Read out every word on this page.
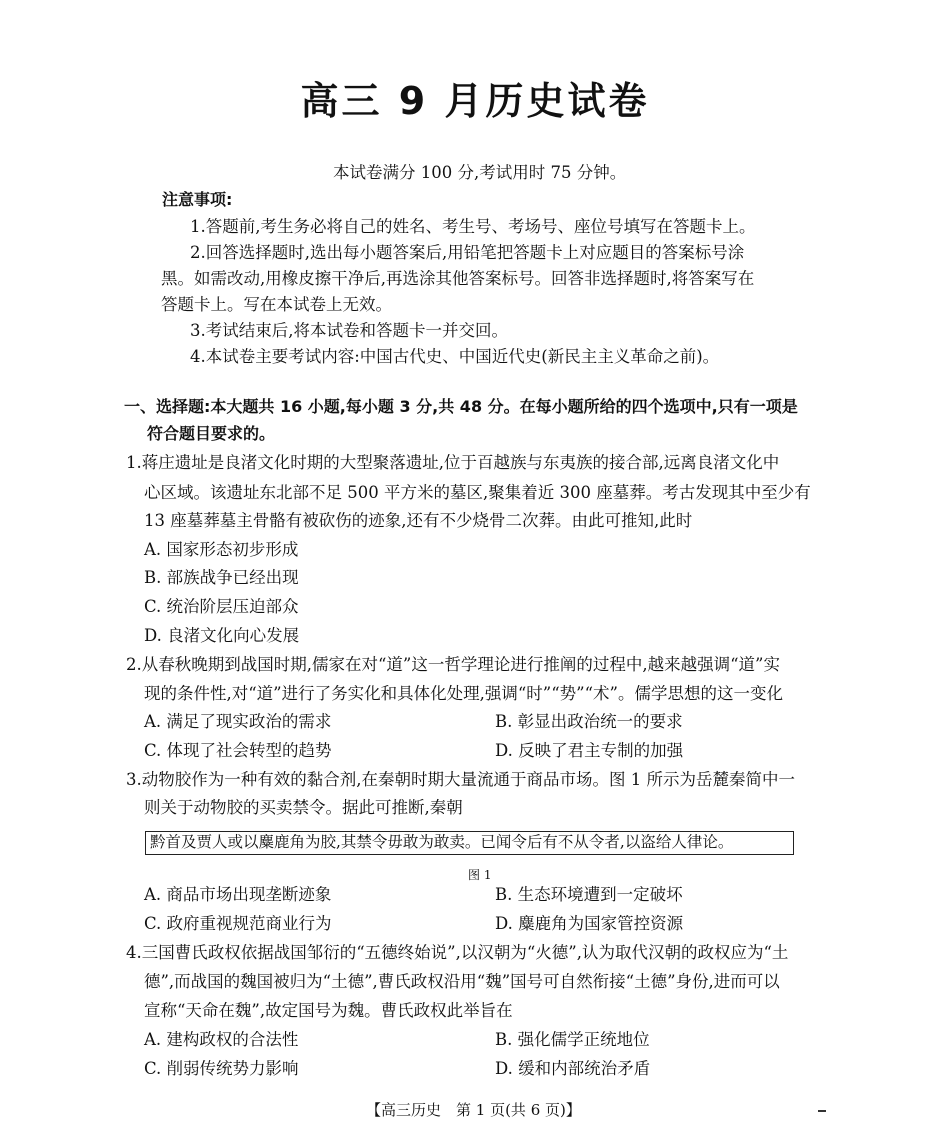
高三 9 月历史试卷
本试卷满分 100 分,考试用时 75 分钟。
注意事项:
1.答题前,考生务必将自己的姓名、考生号、考场号、座位号填写在答题卡上。
2.回答选择题时,选出每小题答案后,用铅笔把答题卡上对应题目的答案标号涂
黑。如需改动,用橡皮擦干净后,再选涂其他答案标号。回答非选择题时,将答案写在
答题卡上。写在本试卷上无效。
3.考试结束后,将本试卷和答题卡一并交回。
4.本试卷主要考试内容:中国古代史、中国近代史(新民主主义革命之前)。
一、选择题:本大题共 16 小题,每小题 3 分,共 48 分。在每小题所给的四个选项中,只有一项是
符合题目要求的。
1.蒋庄遗址是良渚文化时期的大型聚落遗址,位于百越族与东夷族的接合部,远离良渚文化中
心区域。该遗址东北部不足 500 平方米的墓区,聚集着近 300 座墓葬。考古发现其中至少有
13 座墓葬墓主骨骼有被砍伤的迹象,还有不少烧骨二次葬。由此可推知,此时
A. 国家形态初步形成
B. 部族战争已经出现
C. 统治阶层压迫部众
D. 良渚文化向心发展
2.从春秋晚期到战国时期,儒家在对“道”这一哲学理论进行推阐的过程中,越来越强调“道”实
现的条件性,对“道”进行了务实化和具体化处理,强调“时”“势”“术”。儒学思想的这一变化
A. 满足了现实政治的需求	B. 彰显出政治统一的要求
C. 体现了社会转型的趋势	D. 反映了君主专制的加强
3.动物胶作为一种有效的黏合剂,在秦朝时期大量流通于商品市场。图 1 所示为岳麓秦简中一
则关于动物胶的买卖禁令。据此可推断,秦朝
黔首及贾人或以麋鹿角为胶,其禁令毋敢为敢卖。已闻令后有不从令者,以盗给人律论。
图 1
A. 商品市场出现垄断迹象	B. 生态环境遭到一定破坏
C. 政府重视规范商业行为	D. 麋鹿角为国家管控资源
4.三国曹氏政权依据战国邹衍的“五德终始说”,以汉朝为“火德”,认为取代汉朝的政权应为“土
德”,而战国的魏国被归为“土德”,曹氏政权沿用“魏”国号可自然衔接“土德”身份,进而可以
宣称“天命在魏”,故定国号为魏。曹氏政权此举旨在
A. 建构政权的合法性	B. 强化儒学正统地位
C. 削弱传统势力影响	D. 缓和内部统治矛盾
【高三历史　第 1 页(共 6 页)】
